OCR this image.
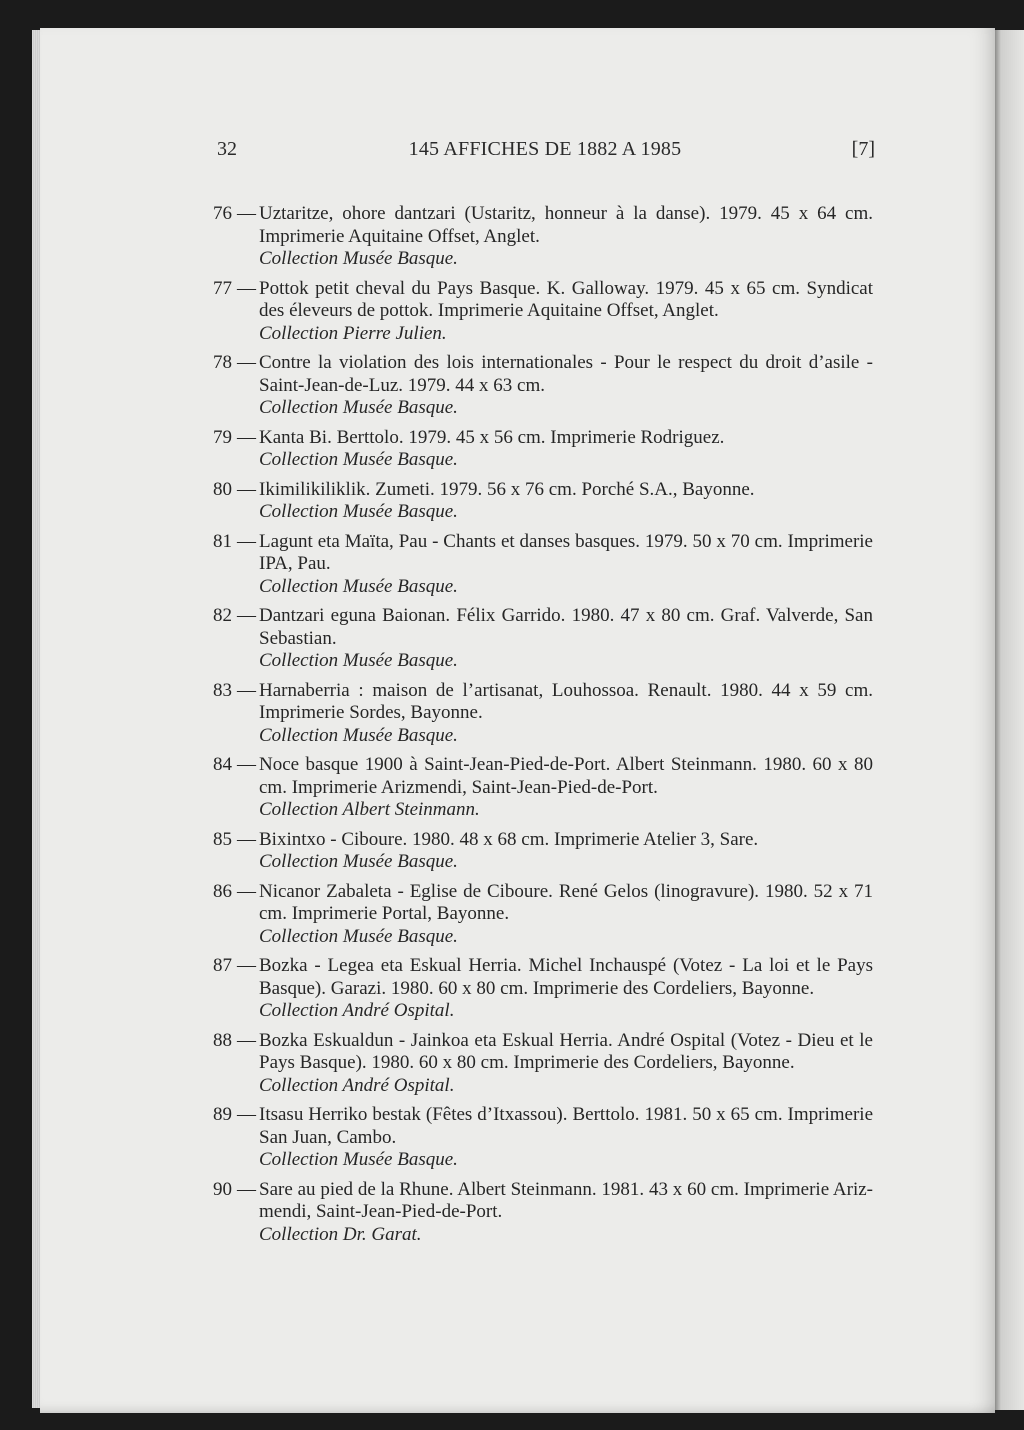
32	145 AFFICHES DE 1882 A 1985	[7]
76 — Uztaritze, ohore dantzari (Ustaritz, honneur à la danse). 1979. 45 x 64 cm. Imprimerie Aquitaine Offset, Anglet.
Collection Musée Basque.
77 — Pottok petit cheval du Pays Basque. K. Galloway. 1979. 45 x 65 cm. Syndicat des éleveurs de pottok. Imprimerie Aquitaine Offset, Anglet.
Collection Pierre Julien.
78 — Contre la violation des lois internationales - Pour le respect du droit d’asile - Saint-Jean-de-Luz. 1979. 44 x 63 cm.
Collection Musée Basque.
79 — Kanta Bi. Berttolo. 1979. 45 x 56 cm. Imprimerie Rodriguez.
Collection Musée Basque.
80 — Ikimilikiliklik. Zumeti. 1979. 56 x 76 cm. Porché S.A., Bayonne.
Collection Musée Basque.
81 — Lagunt eta Maïta, Pau - Chants et danses basques. 1979. 50 x 70 cm. Imprimerie IPA, Pau.
Collection Musée Basque.
82 — Dantzari eguna Baionan. Félix Garrido. 1980. 47 x 80 cm. Graf. Valverde, San Sebastian.
Collection Musée Basque.
83 — Harnaberria : maison de l’artisanat, Louhossoa. Renault. 1980. 44 x 59 cm. Imprimerie Sordes, Bayonne.
Collection Musée Basque.
84 — Noce basque 1900 à Saint-Jean-Pied-de-Port. Albert Steinmann. 1980. 60 x 80 cm. Imprimerie Arizmendi, Saint-Jean-Pied-de-Port.
Collection Albert Steinmann.
85 — Bixintxo - Ciboure. 1980. 48 x 68 cm. Imprimerie Atelier 3, Sare.
Collection Musée Basque.
86 — Nicanor Zabaleta - Eglise de Ciboure. René Gelos (linogravure). 1980. 52 x 71 cm. Imprimerie Portal, Bayonne.
Collection Musée Basque.
87 — Bozka - Legea eta Eskual Herria. Michel Inchauspé (Votez - La loi et le Pays Basque). Garazi. 1980. 60 x 80 cm. Imprimerie des Cordeliers, Bayonne.
Collection André Ospital.
88 — Bozka Eskualdun - Jainkoa eta Eskual Herria. André Ospital (Votez - Dieu et le Pays Basque). 1980. 60 x 80 cm. Imprimerie des Cordeliers, Bayonne.
Collection André Ospital.
89 — Itsasu Herriko bestak (Fêtes d’Itxassou). Berttolo. 1981. 50 x 65 cm. Imprimerie San Juan, Cambo.
Collection Musée Basque.
90 — Sare au pied de la Rhune. Albert Steinmann. 1981. 43 x 60 cm. Imprimerie Arizmendi, Saint-Jean-Pied-de-Port.
Collection Dr. Garat.
